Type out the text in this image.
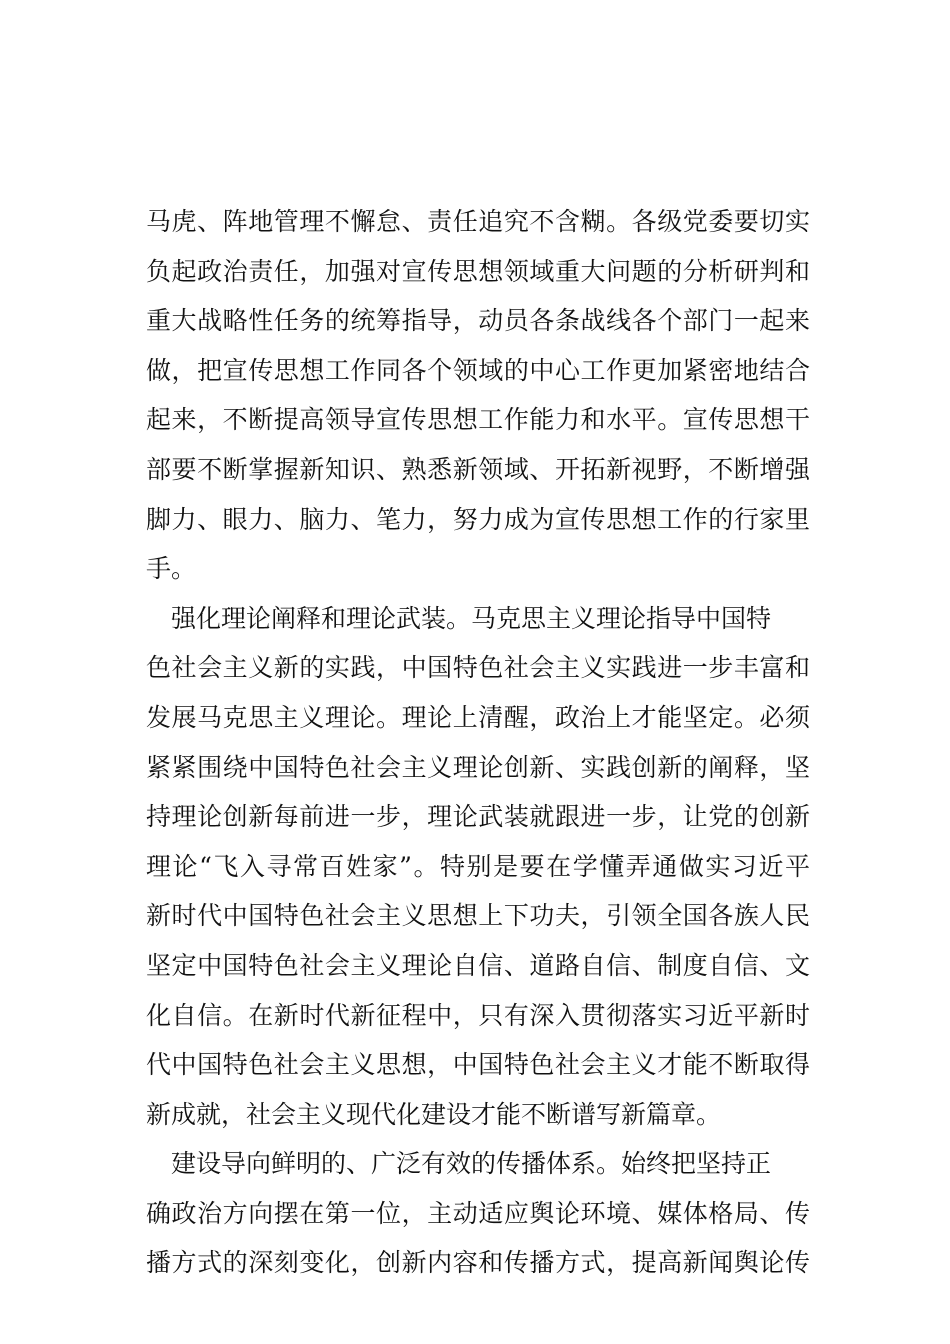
马虎、阵地管理不懈怠、责任追究不含糊。各级党委要切实
负起政治责任，加强对宣传思想领域重大问题的分析研判和
重大战略性任务的统筹指导，动员各条战线各个部门一起来
做，把宣传思想工作同各个领域的中心工作更加紧密地结合
起来，不断提高领导宣传思想工作能力和水平。宣传思想干
部要不断掌握新知识、熟悉新领域、开拓新视野，不断增强
脚力、眼力、脑力、笔力，努力成为宣传思想工作的行家里
手。
强化理论阐释和理论武装。马克思主义理论指导中国特
色社会主义新的实践，中国特色社会主义实践进一步丰富和
发展马克思主义理论。理论上清醒，政治上才能坚定。必须
紧紧围绕中国特色社会主义理论创新、实践创新的阐释，坚
持理论创新每前进一步，理论武装就跟进一步，让党的创新
理论“飞入寻常百姓家”。特别是要在学懂弄通做实习近平
新时代中国特色社会主义思想上下功夫，引领全国各族人民
坚定中国特色社会主义理论自信、道路自信、制度自信、文
化自信。在新时代新征程中，只有深入贯彻落实习近平新时
代中国特色社会主义思想，中国特色社会主义才能不断取得
新成就，社会主义现代化建设才能不断谱写新篇章。
建设导向鲜明的、广泛有效的传播体系。始终把坚持正
确政治方向摆在第一位，主动适应舆论环境、媒体格局、传
播方式的深刻变化，创新内容和传播方式，提高新闻舆论传
